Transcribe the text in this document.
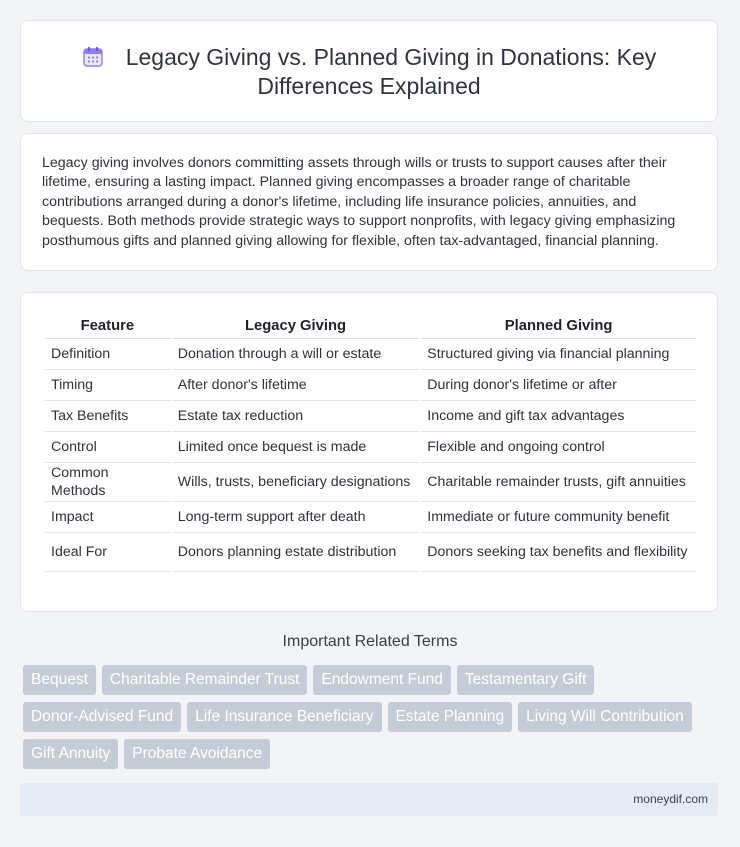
Legacy Giving vs. Planned Giving in Donations: Key Differences Explained
Legacy giving involves donors committing assets through wills or trusts to support causes after their lifetime, ensuring a lasting impact. Planned giving encompasses a broader range of charitable contributions arranged during a donor's lifetime, including life insurance policies, annuities, and bequests. Both methods provide strategic ways to support nonprofits, with legacy giving emphasizing posthumous gifts and planned giving allowing for flexible, often tax-advantaged, financial planning.
Feature	Legacy Giving	Planned Giving
Definition	Donation through a will or estate	Structured giving via financial planning
Timing	After donor's lifetime	During donor's lifetime or after
Tax Benefits	Estate tax reduction	Income and gift tax advantages
Control	Limited once bequest is made	Flexible and ongoing control
Common Methods	Wills, trusts, beneficiary designations	Charitable remainder trusts, gift annuities
Impact	Long-term support after death	Immediate or future community benefit
Ideal For	Donors planning estate distribution	Donors seeking tax benefits and flexibility
Important Related Terms
Bequest Charitable Remainder Trust Endowment Fund Testamentary Gift
Donor-Advised Fund Life Insurance Beneficiary Estate Planning Living Will Contribution
Gift Annuity Probate Avoidance
moneydif.com
